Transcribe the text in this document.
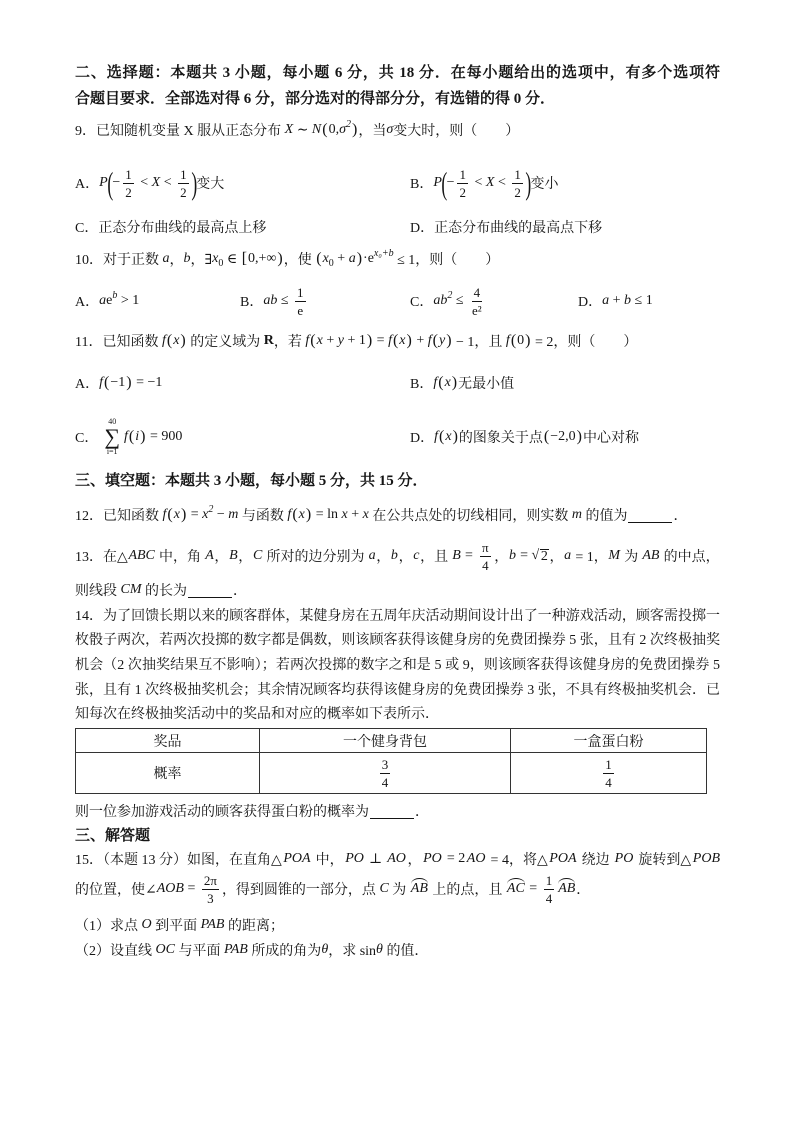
二、选择题：本题共 3 小题，每小题 6 分，共 18 分．在每小题给出的选项中，有多个选项符
合题目要求．全部选对得 6 分，部分选对的得部分分，有选错的得 0 分．
9．已知随机变量 X 服从正态分布 X ∼ N ( 0, σ 2 ) ，当 σ 变大时，则（　　）
A． P ( − $\frac{1}{2} < X < \frac{1}{2}$ ) 变大	B． P ( − $\frac{1}{2} < X < \frac{1}{2}$ ) 变小
C．正态分布曲线的最高点上移	D．正态分布曲线的最高点下移
10．对于正数 a ， b ，∃ x 0 ∈ [ 0,+∞ ) ，使 ( x 0 + a ) ·e x₀+b ≤ 1，则（　　）
A． a e b > 1	B． ab ≤ $\frac{1}{e}$	C． ab $2 \le \frac{4}{\text{e²}}$	D． a + b ≤ 1
11．已知函数 f ( x ) 的定义域为 R ，若 f ( x + y + 1 ) = f ( x ) + f ( y ) − 1，且 f ( 0 ) = 2，则（　　）
A． f ( −1 ) = −1	B． f ( x ) 无最小值
C．
40
∑
i=1
f ( i ) = 900	D． f ( x ) 的图象关于点 ( −2,0 ) 中心对称
三、填空题：本题共 3 小题，每小题 5 分，共 15 分．
12．已知函数 f ( x ) = x 2 − m 与函数 f ( x ) = ln x + x 在公共点处的切线相同，则实数 m 的值为	．
13．在△ ABC 中，角 A ， B ， C 所对的边分别为 a ， b ， c ，且 $B = \frac{\pi}{4}$ ， b = √ 2 ， a = 1， M 为 AB 的中点，
则线段 CM 的长为	．
14．为了回馈长期以来的顾客群体，某健身房在五周年庆活动期间设计出了一种游戏活动，顾客需投掷一
枚骰子两次，若两次投掷的数字都是偶数，则该顾客获得该健身房的免费团操券 5 张，且有 2 次终极抽奖
机会（2 次抽奖结果互不影响）；若两次投掷的数字之和是 5 或 9，则该顾客获得该健身房的免费团操券 5
张，且有 1 次终极抽奖机会；其余情况顾客均获得该健身房的免费团操券 3 张，不具有终极抽奖机会．已
知每次在终极抽奖活动中的奖品和对应的概率如下表所示．
奖品	一个健身背包	一盒蛋白粉
概率	$\frac{3}{4}$	$\frac{1}{4}$
则一位参加游戏活动的顾客获得蛋白粉的概率为	．
三、解答题
15．（本题 13 分）如图，在直角△ POA 中， PO ⊥ AO ， PO = 2 AO = 4，将△ POA 绕边 PO 旋转到△ POB
的位置，使∠ AOB = $\frac{2\pi}{3}$ ，得到圆锥的一部分，点 C 为 AB 上的点，且 AC = $\frac{1}{4}$ AB ．
（1）求点 O 到平面 PAB 的距离；
（2）设直线 OC 与平面 PAB 所成的角为 θ ，求 sin θ 的值．
